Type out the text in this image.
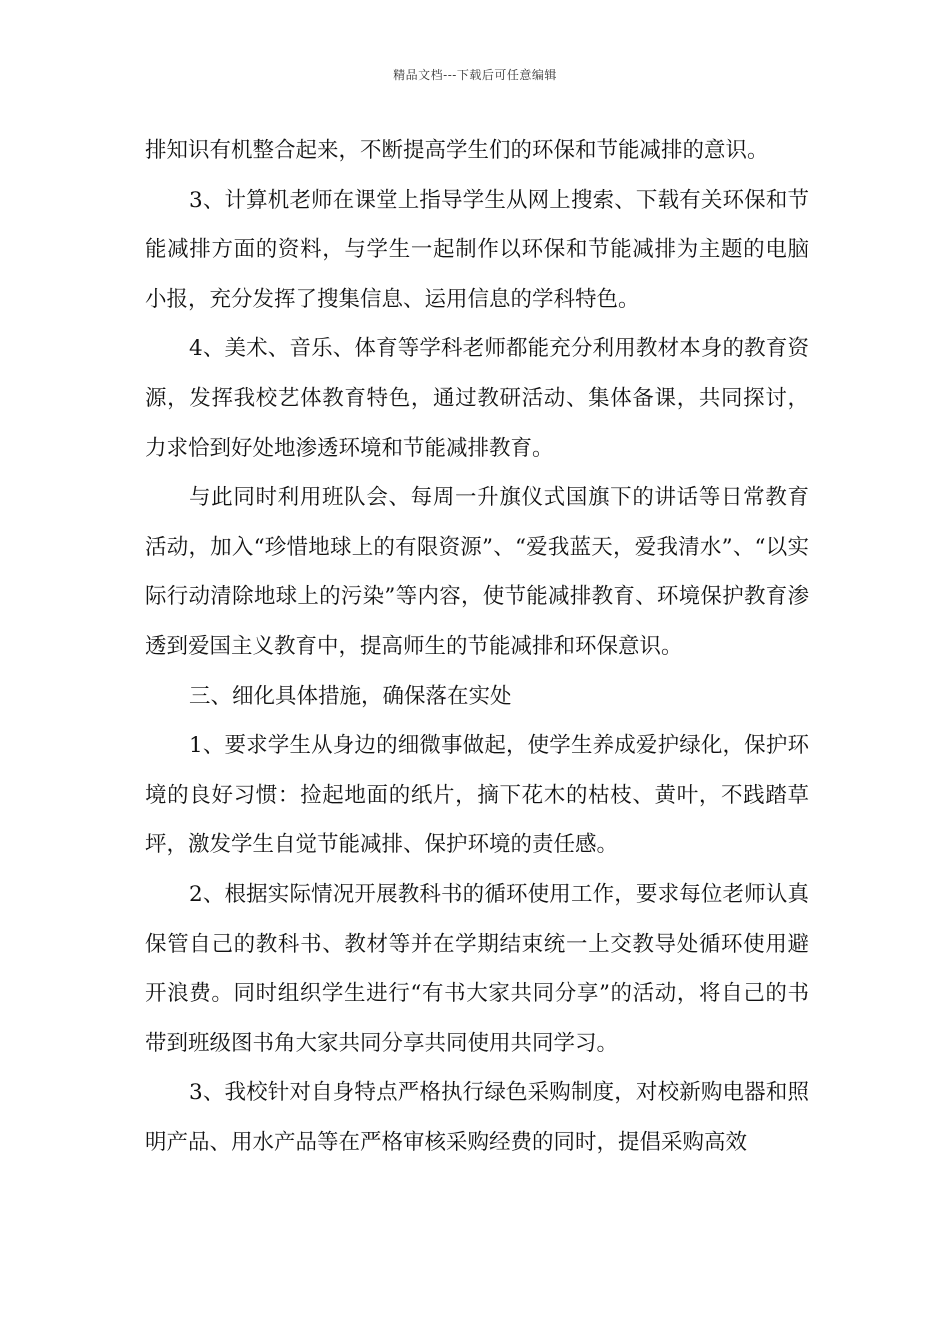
精品文档---下载后可任意编辑

排知识有机整合起来，不断提高学生们的环保和节能减排的意识。

3、计算机老师在课堂上指导学生从网上搜索、下载有关环保和节能减排方面的资料，与学生一起制作以环保和节能减排为主题的电脑小报，充分发挥了搜集信息、运用信息的学科特色。

4、美术、音乐、体育等学科老师都能充分利用教材本身的教育资源，发挥我校艺体教育特色，通过教研活动、集体备课，共同探讨，力求恰到好处地渗透环境和节能减排教育。

与此同时利用班队会、每周一升旗仪式国旗下的讲话等日常教育活动，加入“珍惜地球上的有限资源”、“爱我蓝天，爱我清水”、“以实际行动清除地球上的污染”等内容，使节能减排教育、环境保护教育渗透到爱国主义教育中，提高师生的节能减排和环保意识。

三、细化具体措施，确保落在实处

1、要求学生从身边的细微事做起，使学生养成爱护绿化，保护环境的良好习惯：捡起地面的纸片，摘下花木的枯枝、黄叶，不践踏草坪，激发学生自觉节能减排、保护环境的责任感。

2、根据实际情况开展教科书的循环使用工作，要求每位老师认真保管自己的教科书、教材等并在学期结束统一上交教导处循环使用避开浪费。同时组织学生进行“有书大家共同分享”的活动，将自己的书带到班级图书角大家共同分享共同使用共同学习。

3、我校针对自身特点严格执行绿色采购制度，对校新购电器和照明产品、用水产品等在严格审核采购经费的同时，提倡采购高效
